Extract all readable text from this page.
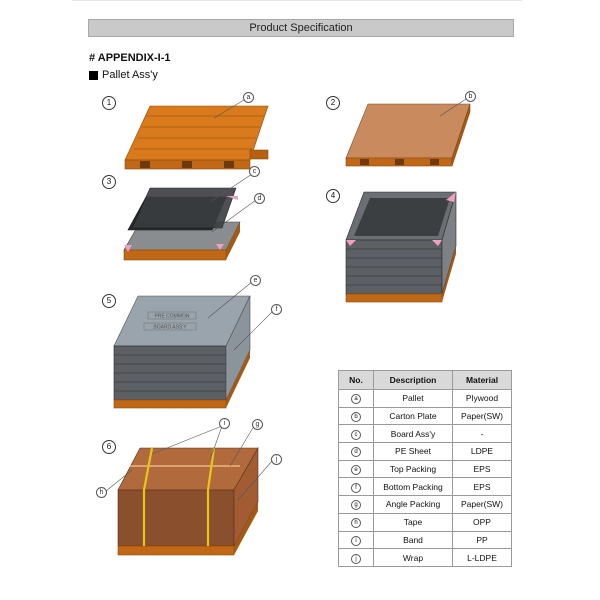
Product Specification
# APPENDIX-I-1
Pallet Ass'y
PRE COMMON
BOARD ASS'Y
1	2
3
4
5
6
a	b
c
d
e
f
g
h
i
j
No.	Description	Material
a	Pallet	Plywood
b	Carton Plate	Paper(SW)
c	Board Ass'y	-
d	PE Sheet	LDPE
e	Top Packing	EPS
f	Bottom Packing	EPS
g	Angle Packing	Paper(SW)
h	Tape	OPP
i	Band	PP
j	Wrap	L-LDPE
